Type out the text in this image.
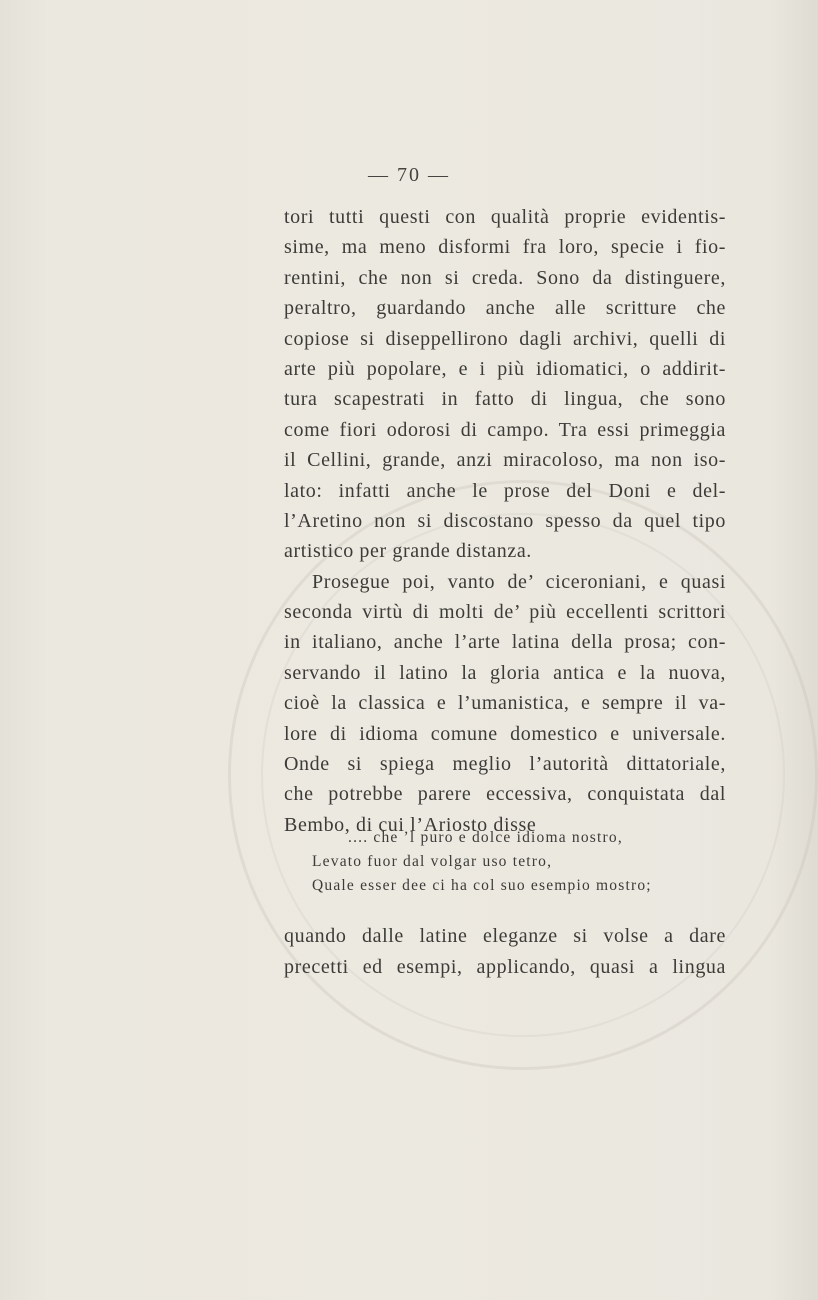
— 70 —
tori tutti questi con qualità proprie evidentis-
sime, ma meno disformi fra loro, specie i fio-
rentini, che non si creda. Sono da distinguere,
peraltro, guardando anche alle scritture che
copiose si diseppellirono dagli archivi, quelli di
arte più popolare, e i più idiomatici, o addirit-
tura scapestrati in fatto di lingua, che sono
come fiori odorosi di campo. Tra essi primeggia
il Cellini, grande, anzi miracoloso, ma non iso-
lato: infatti anche le prose del Doni e del-
l’Aretino non si discostano spesso da quel tipo
artistico per grande distanza.
Prosegue poi, vanto de’ ciceroniani, e quasi
seconda virtù di molti de’ più eccellenti scrittori
in italiano, anche l’arte latina della prosa; con-
servando il latino la gloria antica e la nuova,
cioè la classica e l’umanistica, e sempre il va-
lore di idioma comune domestico e universale.
Onde si spiega meglio l’autorità dittatoriale,
che potrebbe parere eccessiva, conquistata dal
Bembo, di cui l’Ariosto disse
.... che ’l puro e dolce idioma nostro,
Levato fuor dal volgar uso tetro,
Quale esser dee ci ha col suo esempio mostro;
quando dalle latine eleganze si volse a dare
precetti ed esempi, applicando, quasi a lingua
